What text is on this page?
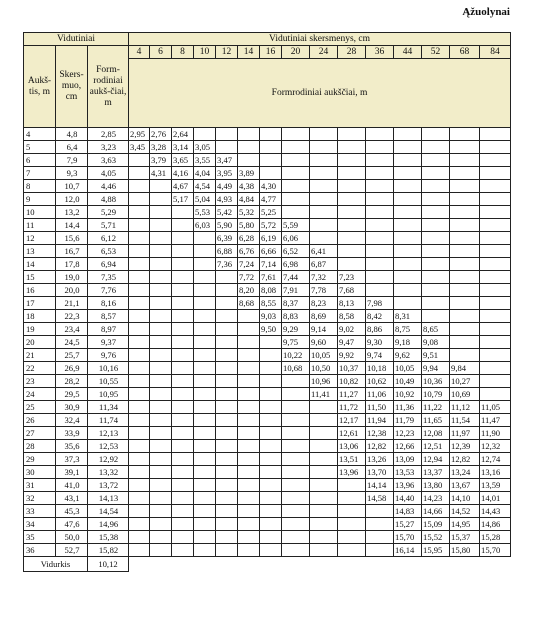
Ąžuolynai
Vidutiniai			Vidutiniai skersmenys, cm														
Aukš-tis, m	Skers-muo, cm	Form-rodiniai aukš-čiai, m	4	6	8	10	12	14	16	20	24	28	36	44	52	68	84
			Formrodiniai aukščiai, m														
4	4,8	2,85	2,95	2,76	2,64												
5	6,4	3,23	3,45	3,28	3,14	3,05											
6	7,9	3,63		3,79	3,65	3,55	3,47										
7	9,3	4,05		4,31	4,16	4,04	3,95	3,89									
8	10,7	4,46			4,67	4,54	4,49	4,38	4,30								
9	12,0	4,88			5,17	5,04	4,93	4,84	4,77								
10	13,2	5,29				5,53	5,42	5,32	5,25								
11	14,4	5,71				6,03	5,90	5,80	5,72	5,59							
12	15,6	6,12					6,39	6,28	6,19	6,06							
13	16,7	6,53					6,88	6,76	6,66	6,52	6,41						
14	17,8	6,94					7,36	7,24	7,14	6,98	6,87						
15	19,0	7,35						7,72	7,61	7,44	7,32	7,23					
16	20,0	7,76						8,20	8,08	7,91	7,78	7,68					
17	21,1	8,16						8,68	8,55	8,37	8,23	8,13	7,98				
18	22,3	8,57							9,03	8,83	8,69	8,58	8,42	8,31			
19	23,4	8,97							9,50	9,29	9,14	9,02	8,86	8,75	8,65		
20	24,5	9,37								9,75	9,60	9,47	9,30	9,18	9,08		
21	25,7	9,76								10,22	10,05	9,92	9,74	9,62	9,51		
22	26,9	10,16								10,68	10,50	10,37	10,18	10,05	9,94	9,84	
23	28,2	10,55									10,96	10,82	10,62	10,49	10,36	10,27	
24	29,5	10,95									11,41	11,27	11,06	10,92	10,79	10,69	
25	30,9	11,34										11,72	11,50	11,36	11,22	11,12	11,05
26	32,4	11,74										12,17	11,94	11,79	11,65	11,54	11,47
27	33,9	12,13										12,61	12,38	12,23	12,08	11,97	11,90
28	35,6	12,53										13,06	12,82	12,66	12,51	12,39	12,32
29	37,3	12,92										13,51	13,26	13,09	12,94	12,82	12,74
30	39,1	13,32										13,96	13,70	13,53	13,37	13,24	13,16
31	41,0	13,72											14,14	13,96	13,80	13,67	13,59
32	43,1	14,13											14,58	14,40	14,23	14,10	14,01
33	45,3	14,54												14,83	14,66	14,52	14,43
34	47,6	14,96												15,27	15,09	14,95	14,86
35	50,0	15,38												15,70	15,52	15,37	15,28
36	52,7	15,82												16,14	15,95	15,80	15,70
Vidurkis		10,12															
